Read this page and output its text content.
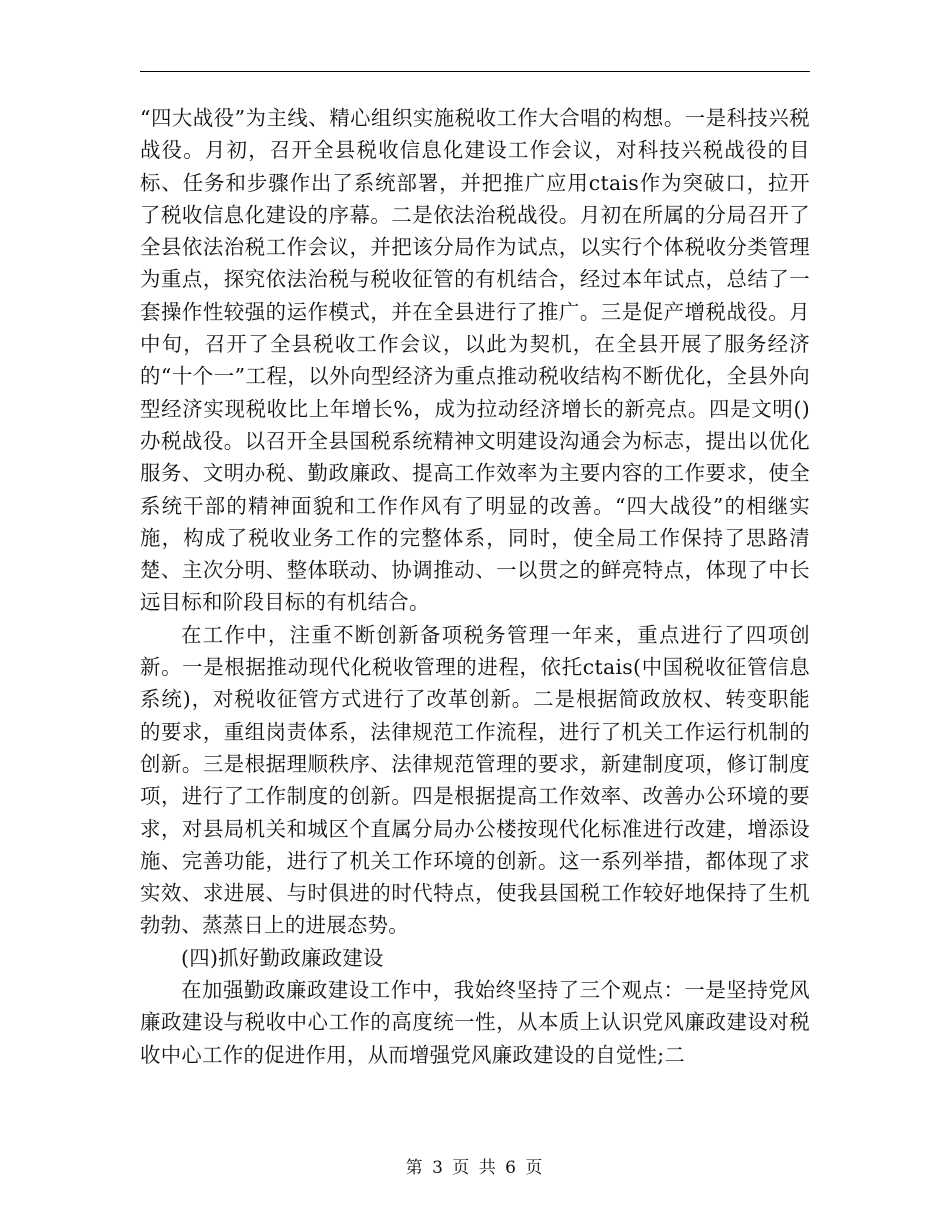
“四大战役”为主线、精心组织实施税收工作大合唱的构想。一是科技兴税战役。月初，召开全县税收信息化建设工作会议，对科技兴税战役的目标、任务和步骤作出了系统部署，并把推广应用ctais作为突破口，拉开了税收信息化建设的序幕。二是依法治税战役。月初在所属的分局召开了全县依法治税工作会议，并把该分局作为试点，以实行个体税收分类管理为重点，探究依法治税与税收征管的有机结合，经过本年试点，总结了一套操作性较强的运作模式，并在全县进行了推广。三是促产增税战役。月中旬，召开了全县税收工作会议，以此为契机，在全县开展了服务经济的“十个一”工程，以外向型经济为重点推动税收结构不断优化，全县外向型经济实现税收比上年增长%，成为拉动经济增长的新亮点。四是文明()办税战役。以召开全县国税系统精神文明建设沟通会为标志，提出以优化服务、文明办税、勤政廉政、提高工作效率为主要内容的工作要求，使全系统干部的精神面貌和工作作风有了明显的改善。“四大战役”的相继实施，构成了税收业务工作的完整体系，同时，使全局工作保持了思路清楚、主次分明、整体联动、协调推动、一以贯之的鲜亮特点，体现了中长远目标和阶段目标的有机结合。

在工作中，注重不断创新备项税务管理一年来，重点进行了四项创新。一是根据推动现代化税收管理的进程，依托ctais(中国税收征管信息系统)，对税收征管方式进行了改革创新。二是根据简政放权、转变职能的要求，重组岗责体系，法律规范工作流程，进行了机关工作运行机制的创新。三是根据理顺秩序、法律规范管理的要求，新建制度项，修订制度项，进行了工作制度的创新。四是根据提高工作效率、改善办公环境的要求，对县局机关和城区个直属分局办公楼按现代化标准进行改建，增添设施、完善功能，进行了机关工作环境的创新。这一系列举措，都体现了求实效、求进展、与时俱进的时代特点，使我县国税工作较好地保持了生机勃勃、蒸蒸日上的进展态势。

(四)抓好勤政廉政建设

在加强勤政廉政建设工作中，我始终坚持了三个观点：一是坚持党风廉政建设与税收中心工作的高度统一性，从本质上认识党风廉政建设对税收中心工作的促进作用，从而增强党风廉政建设的自觉性;二

第 3 页 共 6 页
